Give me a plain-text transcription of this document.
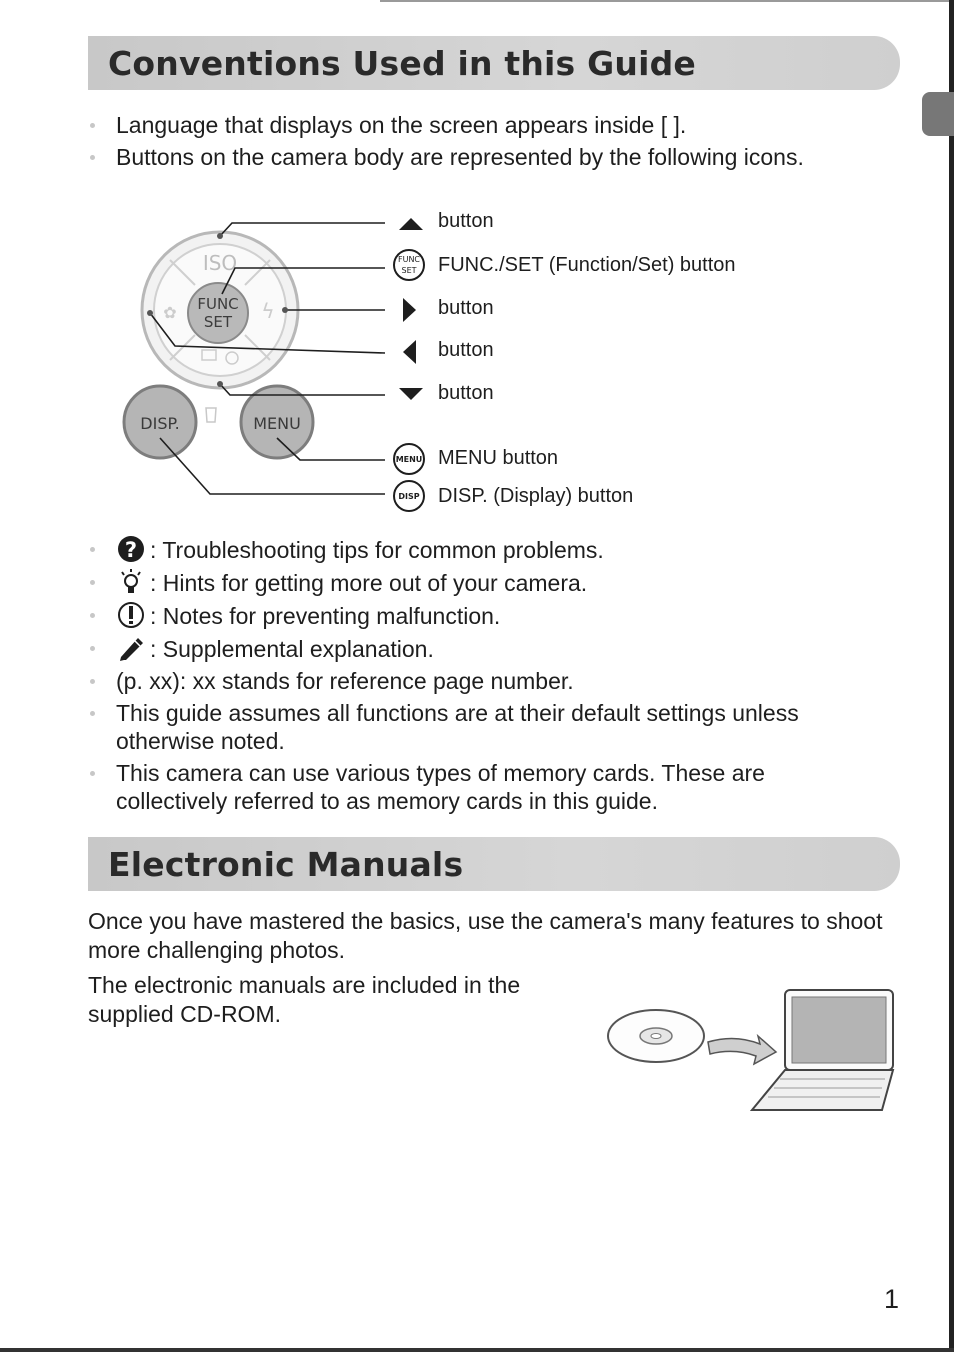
Conventions Used in this Guide
Language that displays on the screen appears inside [ ].
Buttons on the camera body are represented by the following icons.
ISO
ϟ
✿ FUNC
SET
DISP.	MENU
FUNC
SET
MENU
DISP
button
FUNC./SET (Function/Set) button
button
button
button
MENU button
DISP. (Display) button
? : Troubleshooting tips for common problems.
: Hints for getting more out of your camera.
: Notes for preventing malfunction.
: Supplemental explanation.
(p. xx): xx stands for reference page number.
This guide assumes all functions are at their default settings unless otherwise noted.
This camera can use various types of memory cards. These are collectively referred to as memory cards in this guide.
Electronic Manuals

Once you have mastered the basics, use the camera's many features to shoot more challenging photos.

The electronic manuals are included in the supplied CD-ROM.

1
